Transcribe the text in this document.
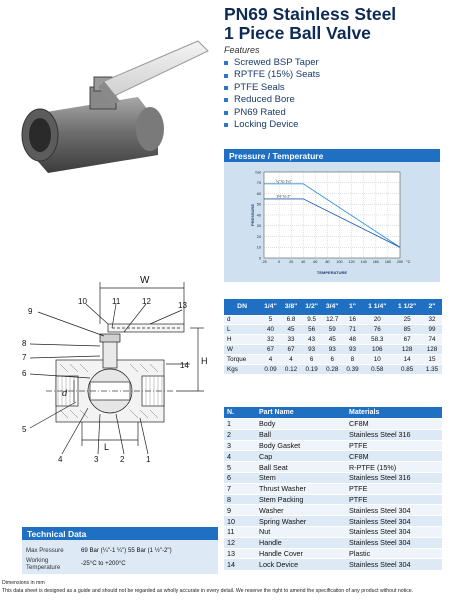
PN69 Stainless Steel
1 Piece Ball Valve
Features
Screwed BSP Taper
RPTFE (15%) Seats
PTFE Seals
Reduced Bore
PN69 Rated
Locking Device
Pressure / Temperature
bar
70
60
50
40
30
20
10
0
-25	0	20 40 60 80 100 120 140 160 180 200
¼" to 1¼"
1½" to 2"
PRESSURE
TEMPERATURE
°C
W
H
d
L
9
10	11	12	13
8
14
7
6
5
4	3	2	1
DN	1/4"	3/8"	1/2"	3/4"	1"	1 1/4"	1 1/2"	2"
d	5	6.8	9.5	12.7	16	20	25	32
L	40	45	56	59	71	76	85	99
H	32	33	43	45	48	58.3	67	74
W	67	67	93	93	93	106	128	128
Torque	4	4	6	6	8	10	14	15
Kgs	0.09	0.12	0.19	0.28	0.39	0.58	0.85	1.35
N.	Part Name	Materials
1	Body	CF8M
2	Ball	Stainless Steel 316
3	Body Gasket	PTFE
4	Cap	CF8M
5	Ball Seat	R-PTFE (15%)
6	Stem	Stainless Steel 316
7	Thrust Washer	PTFE
8	Stem Packing	PTFE
9	Washer	Stainless Steel 304
10	Spring Washer	Stainless Steel 304
11	Nut	Stainless Steel 304
12	Handle	Stainless Steel 304
13	Handle Cover	Plastic
14	Lock Device	Stainless Steel 304
Technical Data
Max Pressure	69 Bar (¼"-1 ¼") 55 Bar (1 ½"-2")
Working Temperature	-25°C to +200°C
Dimensions in mm
This data sheet is designed as a guide and should not be regarded as wholly accurate in every detail. We reserve the right to amend the specification of any product without notice.
